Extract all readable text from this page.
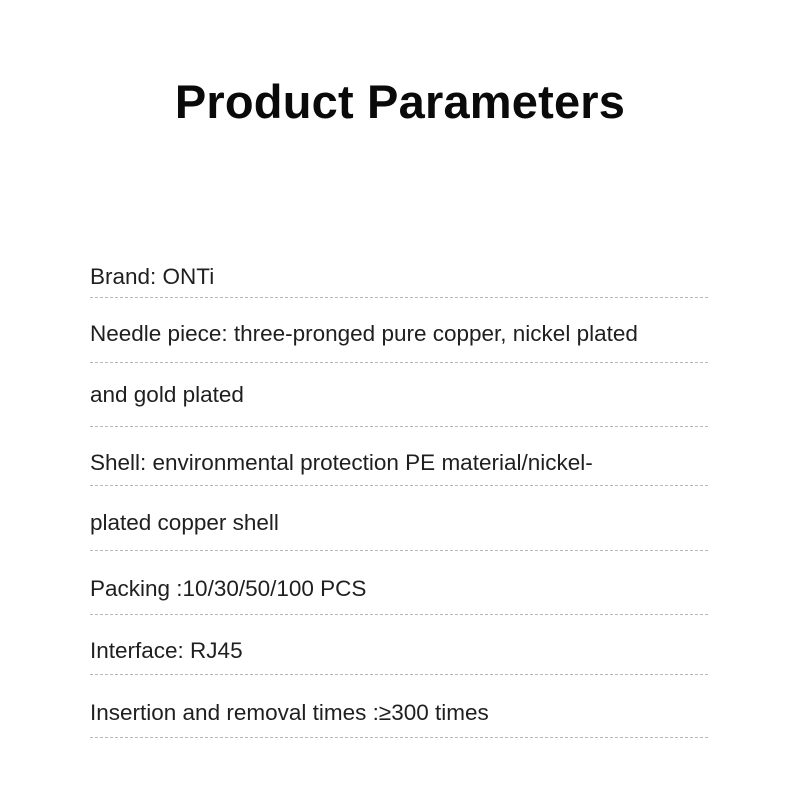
Product Parameters
Brand: ONTi
Needle piece: three-pronged pure copper, nickel plated
and gold plated
Shell: environmental protection PE material/nickel-
plated copper shell
Packing :10/30/50/100 PCS
Interface: RJ45
Insertion and removal times :≥300 times
